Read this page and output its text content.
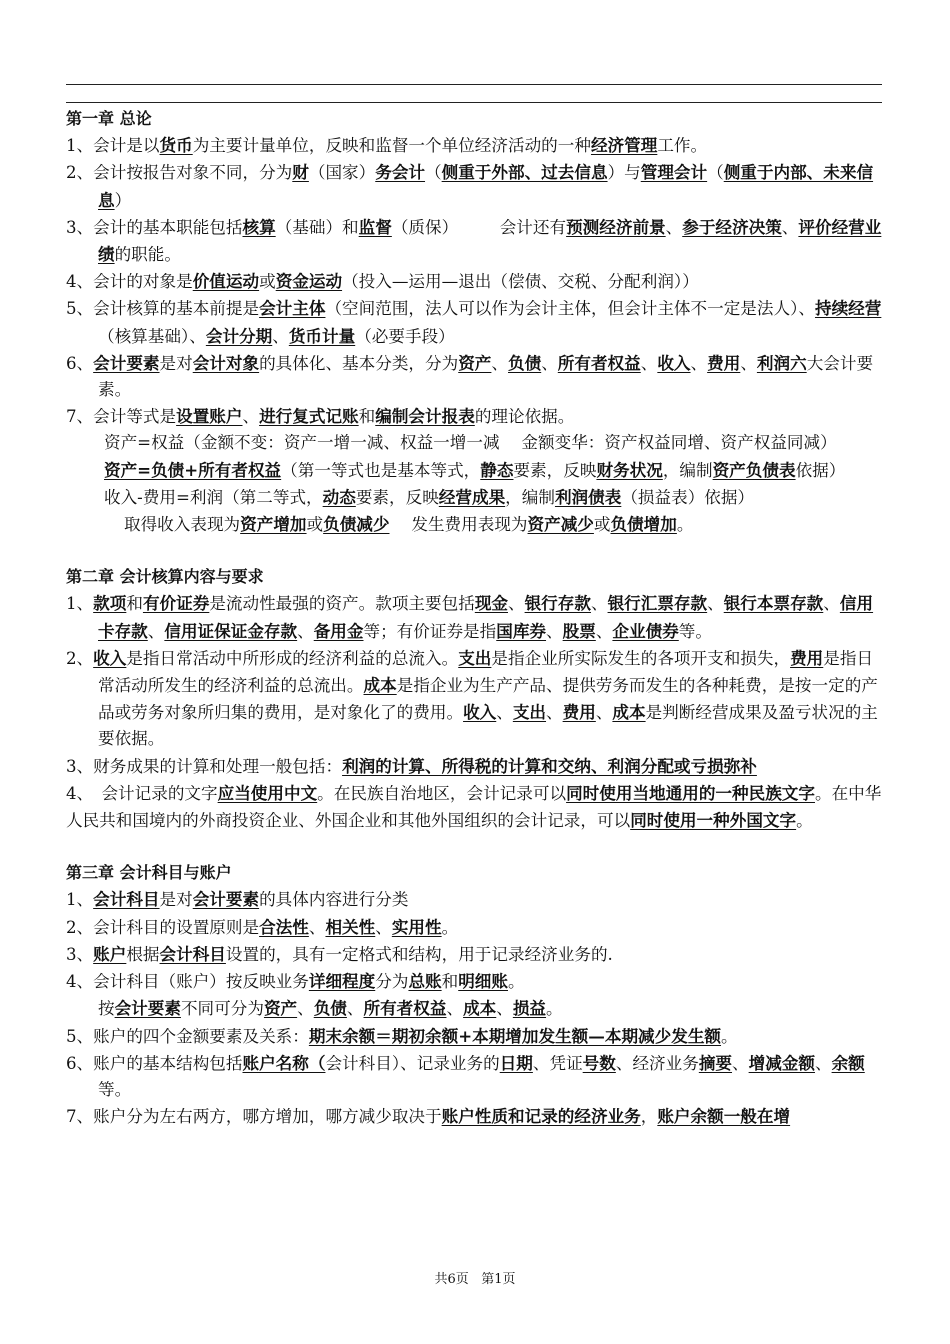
第一章 总论

1、会计是以货币为主要计量单位，反映和监督一个单位经济活动的一种经济管理工作。

2、会计按报告对象不同，分为财（国家）务会计（侧重于外部、过去信息）与管理会计（侧重于内部、未来信息）

3、会计的基本职能包括核算（基础）和监督（质保）　　　会计还有预测经济前景、参于经济决策、评价经营业绩的职能。

4、会计的对象是价值运动或资金运动（投入—运用—退出（偿债、交税、分配利润））

5、会计核算的基本前提是会计主体（空间范围，法人可以作为会计主体，但会计主体不一定是法人）、持续经营（核算基础）、会计分期、货币计量（必要手段）

6、会计要素是对会计对象的具体化、基本分类，分为资产、负债、所有者权益、收入、费用、利润六大会计要素。

7、会计等式是设置账户、进行复式记账和编制会计报表的理论依据。

资产=权益（金额不变：资产一增一减、权益一增一减　 金额变华：资产权益同增、资产权益同减）

资产=负债+所有者权益（第一等式也是基本等式，静态要素，反映财务状况，编制资产负债表依据）

收入-费用=利润（第二等式，动态要素，反映经营成果，编制利润债表（损益表）依据）

取得收入表现为资产增加或负债减少　 发生费用表现为资产减少或负债增加。

第二章 会计核算内容与要求

1、款项和有价证券是流动性最强的资产。款项主要包括现金、银行存款、银行汇票存款、银行本票存款、信用卡存款、信用证保证金存款、备用金等；有价证券是指国库券、股票、企业债券等。

2、收入是指日常活动中所形成的经济利益的总流入。支出是指企业所实际发生的各项开支和损失，费用是指日常活动所发生的经济利益的总流出。成本是指企业为生产产品、提供劳务而发生的各种耗费，是按一定的产品或劳务对象所归集的费用，是对象化了的费用。收入、支出、费用、成本是判断经营成果及盈亏状况的主要依据。

3、财务成果的计算和处理一般包括：利润的计算、所得税的计算和交纳、利润分配或亏损弥补

4、　会计记录的文字应当使用中文。在民族自治地区，会计记录可以同时使用当地通用的一种民族文字。在中华人民共和国境内的外商投资企业、外国企业和其他外国组织的会计记录，可以同时使用一种外国文字。

第三章 会计科目与账户

1、会计科目是对会计要素的具体内容进行分类

2、会计科目的设置原则是合法性、相关性、实用性。

3、账户根据会计科目设置的，具有一定格式和结构，用于记录经济业务的.

4、会计科目（账户）按反映业务详细程度分为总账和明细账。

按会计要素不同可分为资产、负债、所有者权益、成本、损益。

5、账户的四个金额要素及关系：期末余额＝期初余额+本期增加发生额—本期减少发生额。

6、账户的基本结构包括账户名称（会计科目）、记录业务的日期、凭证号数、经济业务摘要、增减金额、余额等。

7、账户分为左右两方，哪方增加，哪方减少取决于账户性质和记录的经济业务，账户余额一般在增

共6页 第1页
